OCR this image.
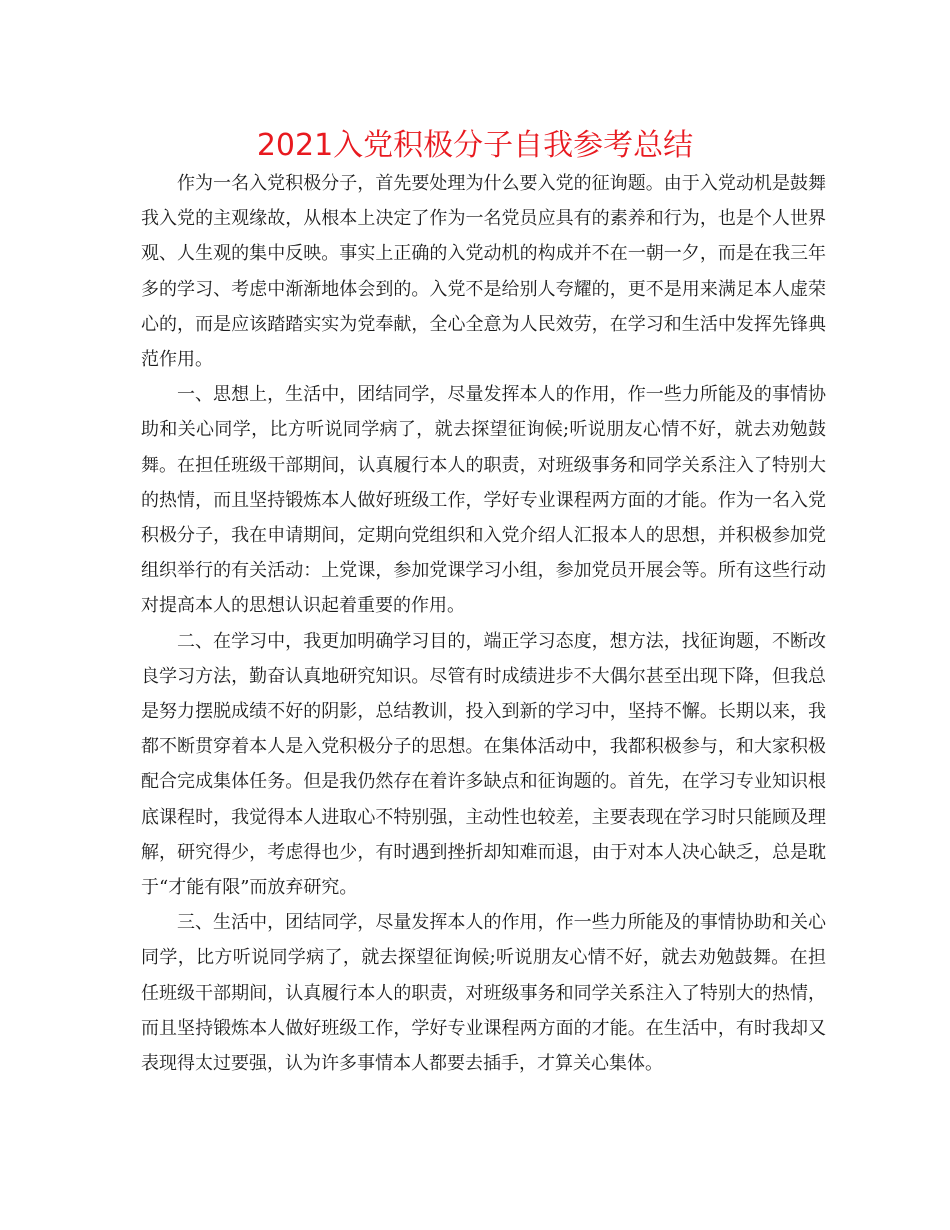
2021入党积极分子自我参考总结

作为一名入党积极分子，首先要处理为什么要入党的征询题。由于入党动机是鼓舞我入党的主观缘故，从根本上决定了作为一名党员应具有的素养和行为，也是个人世界观、人生观的集中反映。事实上正确的入党动机的构成并不在一朝一夕，而是在我三年多的学习、考虑中渐渐地体会到的。入党不是给别人夸耀的，更不是用来满足本人虚荣心的，而是应该踏踏实实为党奉献，全心全意为人民效劳，在学习和生活中发挥先锋典范作用。

一、思想上，生活中，团结同学，尽量发挥本人的作用，作一些力所能及的事情协助和关心同学，比方听说同学病了，就去探望征询候;听说朋友心情不好，就去劝勉鼓舞。在担任班级干部期间，认真履行本人的职责，对班级事务和同学关系注入了特别大的热情，而且坚持锻炼本人做好班级工作，学好专业课程两方面的才能。作为一名入党积极分子，我在申请期间，定期向党组织和入党介绍人汇报本人的思想，并积极参加党组织举行的有关活动：上党课，参加党课学习小组，参加党员开展会等。所有这些行动对提高本人的思想认识起着重要的作用。

二、在学习中，我更加明确学习目的，端正学习态度，想方法，找征询题，不断改良学习方法，勤奋认真地研究知识。尽管有时成绩进步不大偶尔甚至出现下降，但我总是努力摆脱成绩不好的阴影，总结教训，投入到新的学习中，坚持不懈。长期以来，我都不断贯穿着本人是入党积极分子的思想。在集体活动中，我都积极参与，和大家积极配合完成集体任务。但是我仍然存在着许多缺点和征询题的。首先，在学习专业知识根底课程时，我觉得本人进取心不特别强，主动性也较差，主要表现在学习时只能顾及理解，研究得少，考虑得也少，有时遇到挫折却知难而退，由于对本人决心缺乏，总是耽于“才能有限”而放弃研究。

三、生活中，团结同学，尽量发挥本人的作用，作一些力所能及的事情协助和关心同学，比方听说同学病了，就去探望征询候;听说朋友心情不好，就去劝勉鼓舞。在担任班级干部期间，认真履行本人的职责，对班级事务和同学关系注入了特别大的热情，而且坚持锻炼本人做好班级工作，学好专业课程两方面的才能。在生活中，有时我却又表现得太过要强，认为许多事情本人都要去插手，才算关心集体。
